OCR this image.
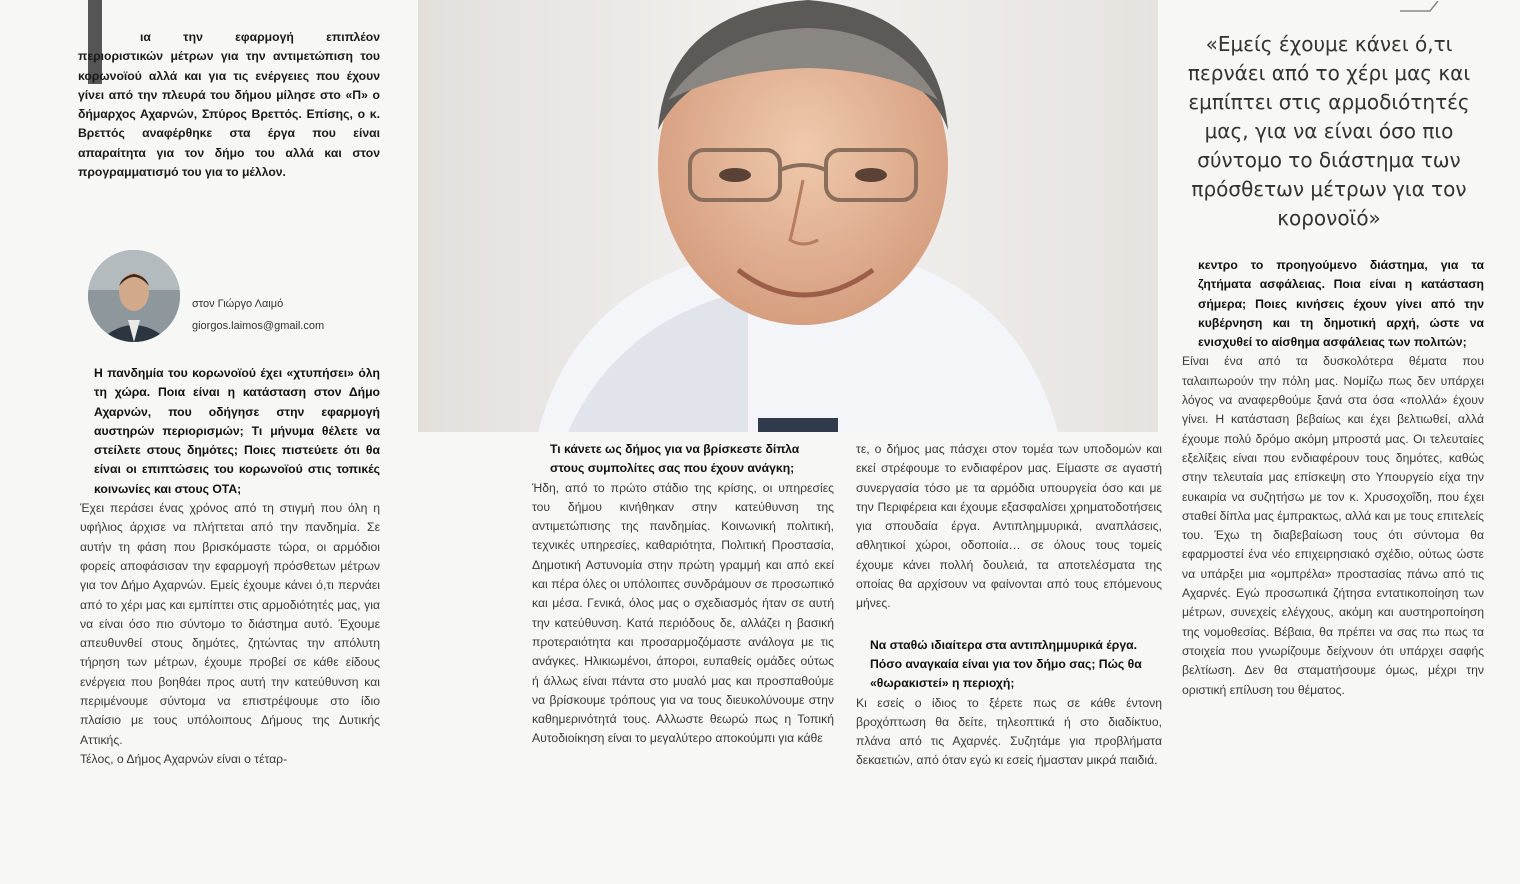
ια την εφαρμογή επιπλέον περιοριστικών μέτρων για την αντιμετώπιση του κορωνοϊού αλλά και για τις ενέργειες που έχουν γίνει από την πλευρά του δήμου μίλησε στο «Π» ο δήμαρχος Αχαρνών, Σπύρος Βρεττός. Επίσης, ο κ. Βρεττός αναφέρθηκε στα έργα που είναι απαραίτητα για τον δήμο του αλλά και στον προγραμματισμό του για το μέλλον.

στον Γιώργο Λαιμό
giorgos.laimos@gmail.com

Η πανδημία του κορωνοϊού έχει «χτυπήσει» όλη τη χώρα. Ποια είναι η κατάσταση στον Δήμο Αχαρνών, που οδήγησε στην εφαρμογή αυστηρών περιορισμών; Τι μήνυμα θέλετε να στείλετε στους δημότες; Ποιες πιστεύετε ότι θα είναι οι επιπτώσεις του κορωνοϊού στις τοπικές κοινωνίες και στους ΟΤΑ;

Έχει περάσει ένας χρόνος από τη στιγμή που όλη η υφήλιος άρχισε να πλήττεται από την πανδημία. Σε αυτήν τη φάση που βρισκόμαστε τώρα, οι αρμόδιοι φορείς αποφάσισαν την εφαρμογή πρόσθετων μέτρων για τον Δήμο Αχαρνών. Εμείς έχουμε κάνει ό,τι περνάει από το χέρι μας και εμπίπτει στις αρμοδιότητές μας, για να είναι όσο πιο σύντομο το διάστημα αυτό. Έχουμε απευθυνθεί στους δημότες, ζητώντας την απόλυτη τήρηση των μέτρων, έχουμε προβεί σε κάθε είδους ενέργεια που βοηθάει προς αυτή την κατεύθυνση και περιμένουμε σύντομα να επιστρέψουμε στο ίδιο πλαίσιο με τους υπόλοιπους Δήμους της Δυτικής Αττικής.

Τέλος, ο Δήμος Αχαρνών είναι ο τέταρ-

Τι κάνετε ως δήμος για να βρίσκεστε δίπλα στους συμπολίτες σας που έχουν ανάγκη;

Ήδη, από το πρώτο στάδιο της κρίσης, οι υπηρεσίες του δήμου κινήθηκαν στην κατεύθυνση της αντιμετώπισης της πανδημίας. Κοινωνική πολιτική, τεχνικές υπηρεσίες, καθαριότητα, Πολιτική Προστασία, Δημοτική Αστυνομία στην πρώτη γραμμή και από εκεί και πέρα όλες οι υπόλοιπες συνδράμουν σε προσωπικό και μέσα. Γενικά, όλος μας ο σχεδιασμός ήταν σε αυτή την κατεύθυνση. Κατά περιόδους δε, αλλάζει η βασική προτεραιότητα και προσαρμοζόμαστε ανάλογα με τις ανάγκες. Ηλικιωμένοι, άποροι, ευπαθείς ομάδες ούτως ή άλλως είναι πάντα στο μυαλό μας και προσπαθούμε να βρίσκουμε τρόπους για να τους διευκολύνουμε στην καθημερινότητά τους. Αλλωστε θεωρώ πως η Τοπική Αυτοδιοίκηση είναι το μεγαλύτερο αποκούμπι για κάθε

τε, ο δήμος μας πάσχει στον τομέα των υποδομών και εκεί στρέφουμε το ενδιαφέρον μας. Είμαστε σε αγαστή συνεργασία τόσο με τα αρμόδια υπουργεία όσο και με την Περιφέρεια και έχουμε εξασφαλίσει χρηματοδοτήσεις για σπουδαία έργα. Αντιπλημμυρικά, αναπλάσεις, αθλητικοί χώροι, οδοποιία… σε όλους τους τομείς έχουμε κάνει πολλή δουλειά, τα αποτελέσματα της οποίας θα αρχίσουν να φαίνονται από τους επόμενους μήνες.

Να σταθώ ιδιαίτερα στα αντιπλημμυρικά έργα. Πόσο αναγκαία είναι για τον δήμο σας; Πώς θα «θωρακιστεί» η περιοχή;

Κι εσείς ο ίδιος το ξέρετε πως σε κάθε έντονη βροχόπτωση θα δείτε, τηλεοπτικά ή στο διαδίκτυο, πλάνα από τις Αχαρνές. Συζητάμε για προβλήματα δεκαετιών, από όταν εγώ κι εσείς ήμασταν μικρά παιδιά.

«Εμείς έχουμε κάνει ό,τι περνάει από το χέρι μας και εμπίπτει στις αρμοδιότητές μας, για να είναι όσο πιο σύντομο το διάστημα των πρόσθετων μέτρων για τον κορονοϊό»

κεντρο το προηγούμενο διάστημα, για τα ζητήματα ασφάλειας. Ποια είναι η κατάσταση σήμερα; Ποιες κινήσεις έχουν γίνει από την κυβέρνηση και τη δημοτική αρχή, ώστε να ενισχυθεί το αίσθημα ασφάλειας των πολιτών;

Είναι ένα από τα δυσκολότερα θέματα που ταλαιπωρούν την πόλη μας. Νομίζω πως δεν υπάρχει λόγος να αναφερθούμε ξανά στα όσα «πολλά» έχουν γίνει. Η κατάσταση βεβαίως και έχει βελτιωθεί, αλλά έχουμε πολύ δρόμο ακόμη μπροστά μας. Οι τελευταίες εξελίξεις είναι που ενδιαφέρουν τους δημότες, καθώς στην τελευταία μας επίσκεψη στο Υπουργείο είχα την ευκαιρία να συζητήσω με τον κ. Χρυσοχοΐδη, που έχει σταθεί δίπλα μας έμπρακτως, αλλά και με τους επιτελείς του. Έχω τη διαβεβαίωση τους ότι σύντομα θα εφαρμοστεί ένα νέο επιχειρησιακό σχέδιο, ούτως ώστε να υπάρξει μια «ομπρέλα» προστασίας πάνω από τις Αχαρνές. Εγώ προσωπικά ζήτησα εντατικοποίηση των μέτρων, συνεχείς ελέγχους, ακόμη και αυστηροποίηση της νομοθεσίας. Βέβαια, θα πρέπει να σας πω πως τα στοιχεία που γνωρίζουμε δείχνουν ότι υπάρχει σαφής βελτίωση. Δεν θα σταματήσουμε όμως, μέχρι την οριστική επίλυση του θέματος.
